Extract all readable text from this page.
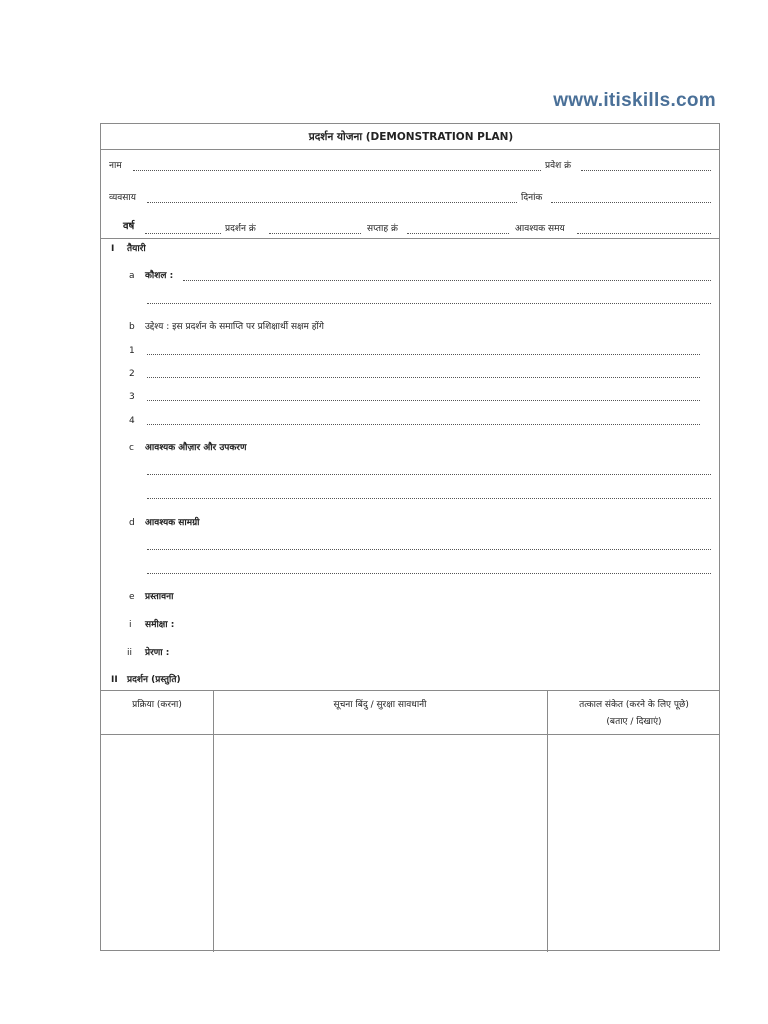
www.itiskills.com
प्रदर्शन योजना (DEMONSTRATION PLAN)
नाम	प्रवेश क्रं
व्यवसाय	दिनांक
वर्ष	प्रदर्शन क्रं	सप्ताह क्रं	आवश्यक समय
I तैयारी
a कौशल :
b उद्देश्य : इस प्रदर्शन के समाप्ति पर प्रशिक्षार्थी सक्षम होंगे
1
2
3
4
c आवश्यक औज़ार और उपकरण
d आवश्यक सामग्री
e प्रस्तावना
i समीक्षा :
ii प्रेरणा :
II प्रदर्शन (प्रस्तुति)
प्रक्रिया (करना)	सूचना बिंदु / सुरक्षा सावधानी	तत्काल संकेत (करने के लिए पूछे)
(बताए / दिखाएं)
